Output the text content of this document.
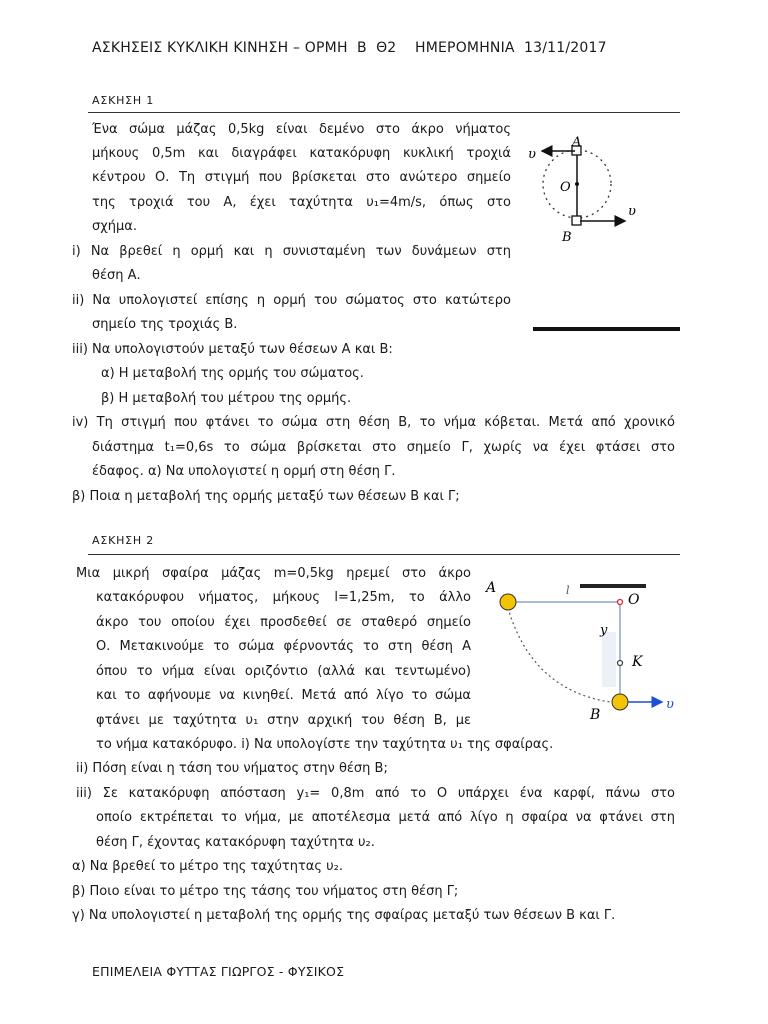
ΑΣΚΗΣΕΙΣ ΚΥΚΛΙΚΗ ΚΙΝΗΣΗ – ΟΡΜΗ  Β  Θ2    ΗΜΕΡΟΜΗΝΙΑ  13/11/2017
ΑΣΚΗΣΗ 1
Ένα σώμα μάζας 0,5kg είναι δεμένο στο άκρο νήματος
μήκους 0,5m και διαγράφει κατακόρυφη κυκλική τροχιά
κέντρου Ο. Τη στιγμή που βρίσκεται στο ανώτερο σημείο
της τροχιά του Α, έχει ταχύτητα υ₁=4m/s, όπως στο
σχήμα.
i) Να βρεθεί η ορμή και η συνισταμένη των δυνάμεων στη
θέση Α.
ii) Να υπολογιστεί επίσης η ορμή του σώματος στο κατώτερο
σημείο της τροχιάς Β.
iii) Να υπολογιστούν μεταξύ των θέσεων Α και Β:
α) Η μεταβολή της ορμής του σώματος.
β) Η μεταβολή του μέτρου της ορμής.
iv) Τη στιγμή που φτάνει το σώμα στη θέση Β, το νήμα κόβεται. Μετά από χρονικό
διάστημα t₁=0,6s το σώμα βρίσκεται στο σημείο Γ, χωρίς να έχει φτάσει στο
έδαφος. α) Να υπολογιστεί η ορμή στη θέση Γ.
β) Ποια η μεταβολή της ορμής μεταξύ των θέσεων Β και Γ;
A
O
B
υ
υ
ΑΣΚΗΣΗ 2
Μια μικρή σφαίρα μάζας m=0,5kg ηρεμεί στο άκρο
κατακόρυφου νήματος, μήκους l=1,25m, το άλλο
άκρο του οποίου έχει προσδεθεί σε σταθερό σημείο
Ο. Μετακινούμε το σώμα φέρνοντάς το στη θέση Α
όπου το νήμα είναι οριζόντιο (αλλά και τεντωμένο)
και το αφήνουμε να κινηθεί. Μετά από λίγο το σώμα
φτάνει με ταχύτητα υ₁ στην αρχική του θέση Β, με
το νήμα κατακόρυφο. i) Να υπολογίστε την ταχύτητα υ₁ της σφαίρας.
ii) Πόση είναι η τάση του νήματος στην θέση Β;
iii) Σε κατακόρυφη απόσταση y₁= 0,8m από το Ο υπάρχει ένα καρφί, πάνω στο
οποίο εκτρέπεται το νήμα, με αποτέλεσμα μετά από λίγο η σφαίρα να φτάνει στη
θέση Γ, έχοντας κατακόρυφη ταχύτητα υ₂.
α) Να βρεθεί το μέτρο της ταχύτητας υ₂.
β) Ποιο είναι το μέτρο της τάσης του νήματος στη θέση Γ;
γ) Να υπολογιστεί η μεταβολή της ορμής της σφαίρας μεταξύ των θέσεων Β και Γ.
A	l
O
y
K
B
υ
ΕΠΙΜΕΛΕΙΑ ΦΥΤΤΑΣ ΓΙΩΡΓΟΣ - ΦΥΣΙΚΟΣ
